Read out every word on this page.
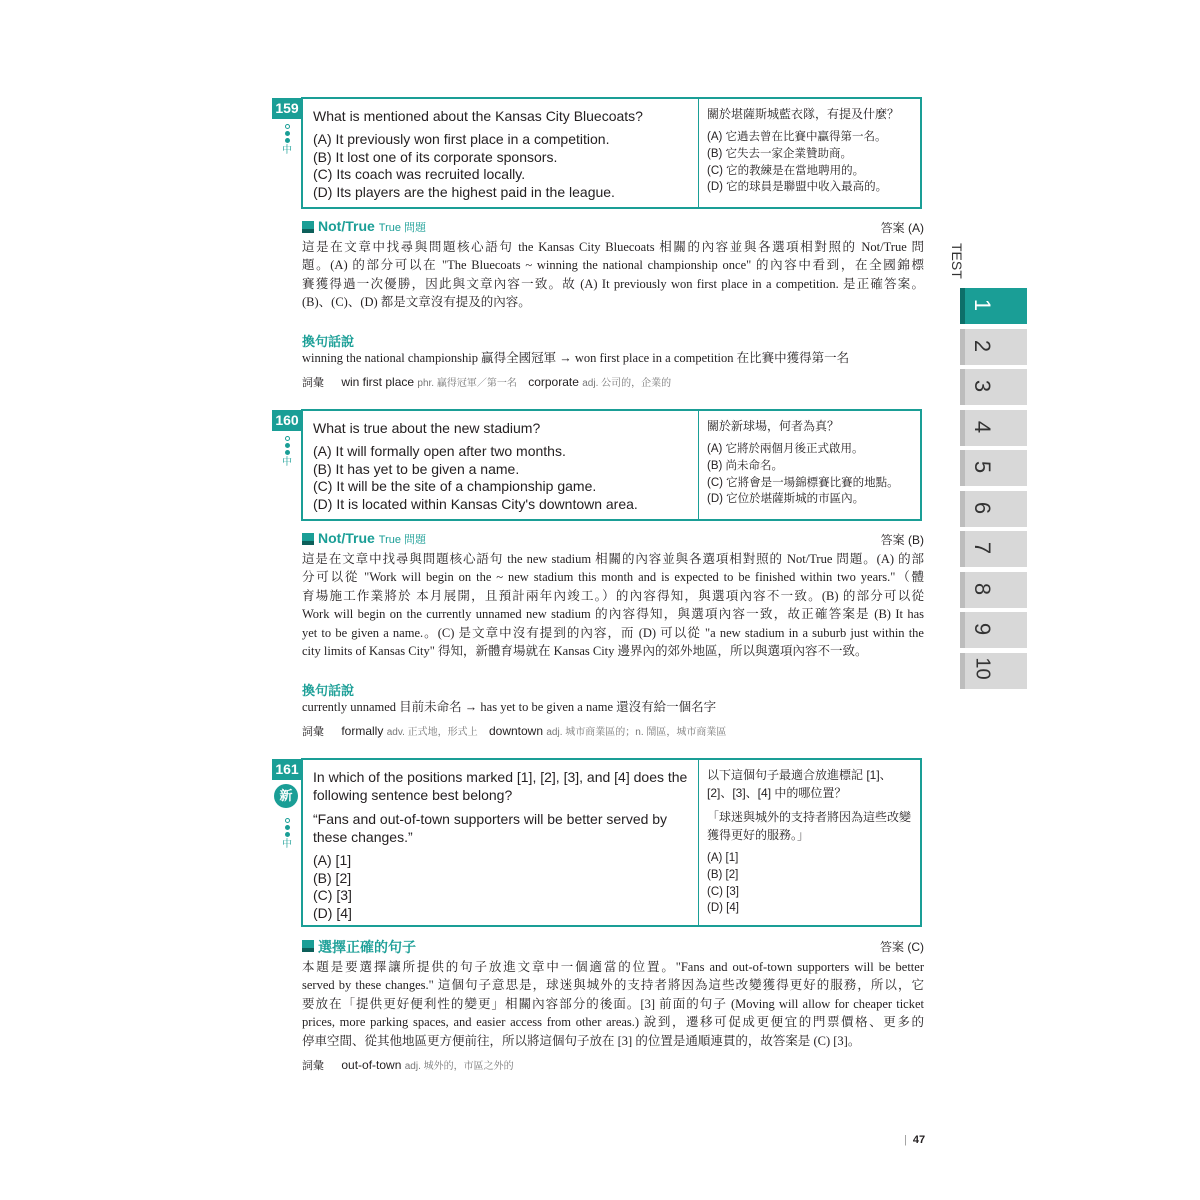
159
中
What is mentioned about the Kansas City Bluecoats?
(A) It previously won first place in a competition.
(B) It lost one of its corporate sponsors.
(C) Its coach was recruited locally.
(D) Its players are the highest paid in the league.
關於堪薩斯城藍衣隊，有提及什麼？
(A) 它過去曾在比賽中贏得第一名。
(B) 它失去一家企業贊助商。
(C) 它的教練是在當地聘用的。
(D) 它的球員是聯盟中收入最高的。
Not/True True 問題	答案 (A)
這是在文章中找尋與問題核心語句 the Kansas City Bluecoats 相關的內容並與各選項相對照的 Not/True 問
題。(A) 的部分可以在 "The Bluecoats ~ winning the national championship once" 的內容中看到，在全國錦標
賽獲得過一次優勝，因此與文章內容一致。故 (A) It previously won first place in a competition. 是正確答案。
(B)、(C)、(D) 都是文章沒有提及的內容。
換句話說
winning the national championship 贏得全國冠軍 → won first place in a competition 在比賽中獲得第一名
詞彙 win first place phr. 贏得冠軍／第一名 corporate adj. 公司的，企業的
160
中
What is true about the new stadium?
(A) It will formally open after two months.
(B) It has yet to be given a name.
(C) It will be the site of a championship game.
(D) It is located within Kansas City's downtown area.
關於新球場，何者為真？
(A) 它將於兩個月後正式啟用。
(B) 尚未命名。
(C) 它將會是一場錦標賽比賽的地點。
(D) 它位於堪薩斯城的市區內。
Not/True True 問題	答案 (B)
這是在文章中找尋與問題核心語句 the new stadium 相關的內容並與各選項相對照的 Not/True 問題。(A) 的部
分可以從 "Work will begin on the ~ new stadium this month and is expected to be finished within two years."（體
育場施工作業將於 本月展開，且預計兩年內竣工。）的內容得知，與選項內容不一致。(B) 的部分可以從
Work will begin on the currently unnamed new stadium 的內容得知，與選項內容一致，故正確答案是 (B) It has
yet to be given a name.。(C) 是文章中沒有提到的內容，而 (D) 可以從 "a new stadium in a suburb just within the
city limits of Kansas City" 得知，新體育場就在 Kansas City 邊界內的郊外地區，所以與選項內容不一致。
換句話說
currently unnamed 目前未命名 → has yet to be given a name 還沒有給一個名字
詞彙 formally adv. 正式地，形式上 downtown adj. 城市商業區的；n. 鬧區，城市商業區
161
新
中
In which of the positions marked [1], [2], [3], and [4] does the following sentence best belong?
“Fans and out-of-town supporters will be better served by these changes.”
(A) [1]
(B) [2]
(C) [3]
(D) [4]
以下這個句子最適合放進標記 [1]、[2]、[3]、[4] 中的哪位置？
「球迷與城外的支持者將因為這些改變獲得更好的服務。」
(A) [1]
(B) [2]
(C) [3]
(D) [4]
選擇正確的句子	答案 (C)
本題是要選擇讓所提供的句子放進文章中一個適當的位置。"Fans and out-of-town supporters will be better
served by these changes." 這個句子意思是，球迷與城外的支持者將因為這些改變獲得更好的服務，所以，它
要放在「提供更好便利性的變更」相關內容部分的後面。[3] 前面的句子 (Moving will allow for cheaper ticket
prices, more parking spaces, and easier access from other areas.) 說到，遷移可促成更便宜的門票價格、更多的
停車空間、從其他地區更方便前往，所以將這個句子放在 [3] 的位置是通順連貫的，故答案是 (C) [3]。
詞彙 out-of-town adj. 城外的，市區之外的
TEST
1
2
3
4
5
6
7
8
9
10
| 47
